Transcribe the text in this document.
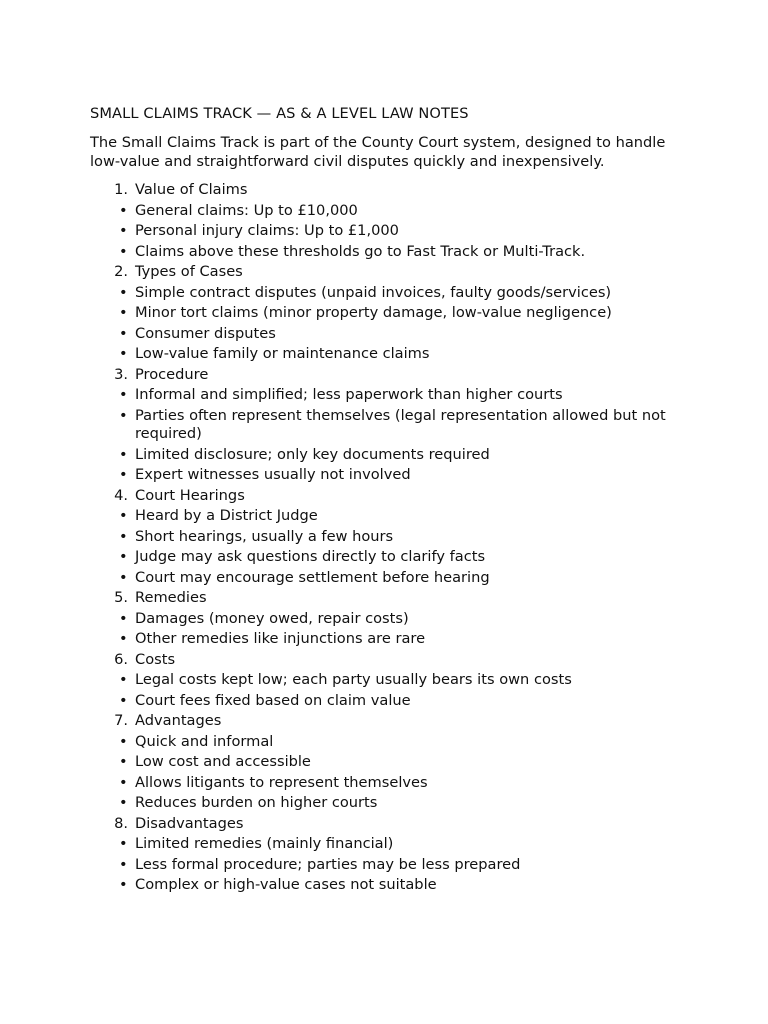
SMALL CLAIMS TRACK — AS & A LEVEL LAW NOTES

The Small Claims Track is part of the County Court system, designed to handle low-value and straightforward civil disputes quickly and inexpensively.

1. Value of Claims
• General claims: Up to £10,000
• Personal injury claims: Up to £1,000
• Claims above these thresholds go to Fast Track or Multi-Track.
2. Types of Cases
• Simple contract disputes (unpaid invoices, faulty goods/services)
• Minor tort claims (minor property damage, low-value negligence)
• Consumer disputes
• Low-value family or maintenance claims
3. Procedure
• Informal and simplified; less paperwork than higher courts
• Parties often represent themselves (legal representation allowed but not required)
• Limited disclosure; only key documents required
• Expert witnesses usually not involved
4. Court Hearings
• Heard by a District Judge
• Short hearings, usually a few hours
• Judge may ask questions directly to clarify facts
• Court may encourage settlement before hearing
5. Remedies
• Damages (money owed, repair costs)
• Other remedies like injunctions are rare
6. Costs
• Legal costs kept low; each party usually bears its own costs
• Court fees fixed based on claim value
7. Advantages
• Quick and informal
• Low cost and accessible
• Allows litigants to represent themselves
• Reduces burden on higher courts
8. Disadvantages
• Limited remedies (mainly financial)
• Less formal procedure; parties may be less prepared
• Complex or high-value cases not suitable
